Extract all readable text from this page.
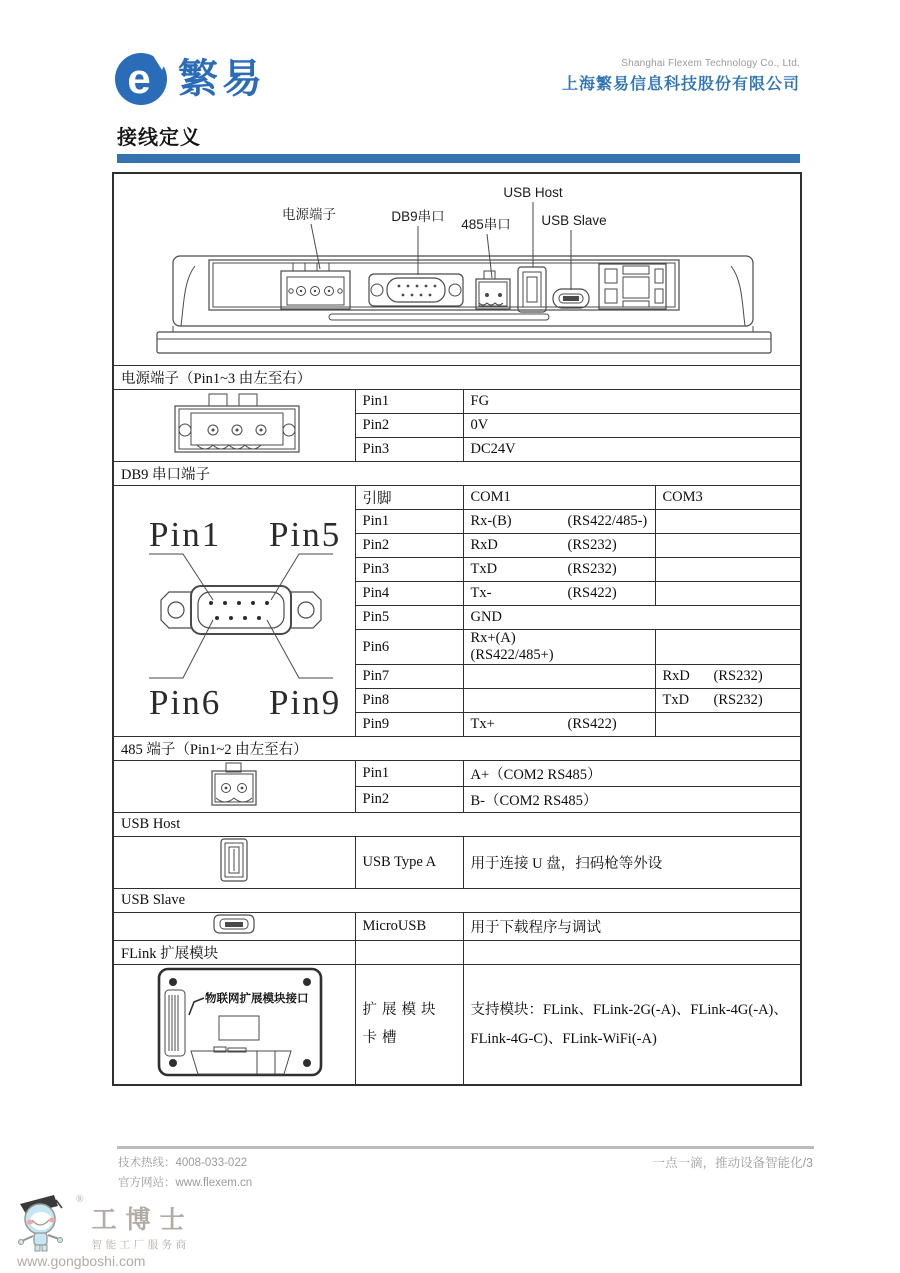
e 繁易	Shanghai Flexem Technology Co., Ltd.
上海繁易信息科技股份有限公司
接线定义
电源端子 DB9串口
485串口
USB Host
USB Slave			

电源端子（Pin1~3 由左至右）			
	Pin1	FG	
	Pin2	0V	
	Pin3	DC24V	
DB9 串口端子			

Pin1 Pin5
Pin6 Pin9	引脚	COM1	COM3
	Pin1	Rx-(B) (RS422/485-)	
	Pin2	RxD (RS232)	
	Pin3	TxD (RS232)	
	Pin4	Tx- (RS422)	
	Pin5	GND	
	Pin6	Rx+(A)(RS422/485+)	
	Pin7		RxD (RS232)
	Pin8		TxD (RS232)
	Pin9	Tx+ (RS422)	
485 端子（Pin1~2 由左至右）			
	Pin1	A+（COM2 RS485）	
	Pin2	B-（COM2 RS485）	
USB Host			
	USB Type A	用于连接 U 盘，扫码枪等外设	
USB Slave			
	MicroUSB	用于下载程序与调试	
FLink 扩展模块			

物联网扩展模块接口	扩展模块卡槽	支持模块：FLink、FLink-2G(-A)、FLink-4G(-A)、FLink-4G-C)、FLink-WiFi(-A)	
技术热线：4008-033-022
官方网站：www.flexem.cn
一点一滴，推动设备智能化/3
®
工博士
智能工厂服务商
www.gongboshi.com
